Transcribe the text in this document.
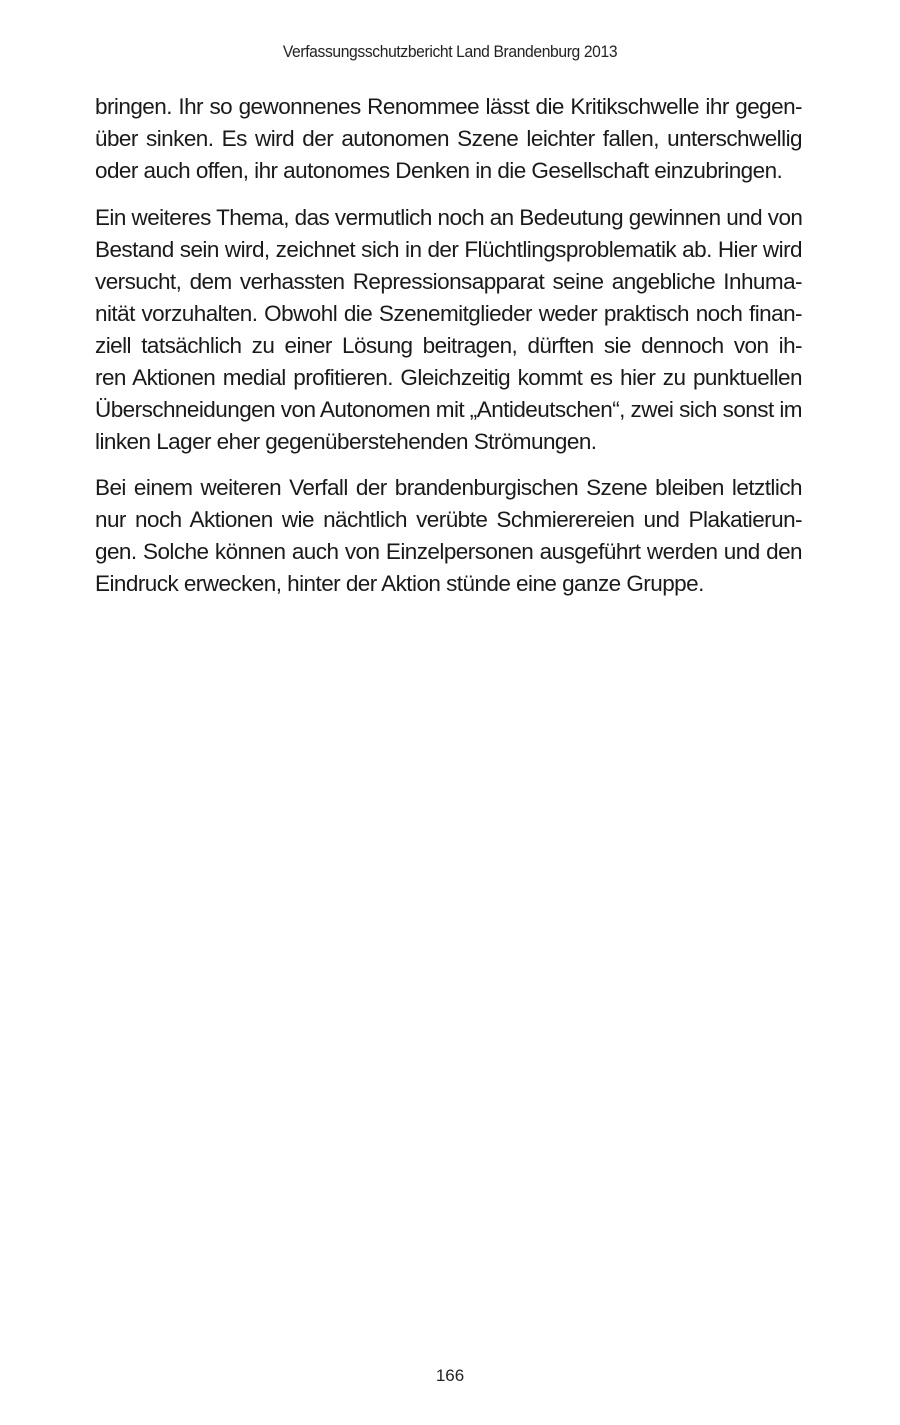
Verfassungsschutzbericht Land Brandenburg 2013

bringen. Ihr so gewonnenes Renommee lässt die Kritikschwelle ihr gegen-
über sinken. Es wird der autonomen Szene leichter fallen, unterschwellig
oder auch offen, ihr autonomes Denken in die Gesellschaft einzubringen.

Ein weiteres Thema, das vermutlich noch an Bedeutung gewinnen und von
Bestand sein wird, zeichnet sich in der Flüchtlingsproblematik ab. Hier wird
versucht, dem verhassten Repressionsapparat seine angebliche Inhuma-
nität vorzuhalten. Obwohl die Szenemitglieder weder praktisch noch finan-
ziell tatsächlich zu einer Lösung beitragen, dürften sie dennoch von ih-
ren Aktionen medial profitieren. Gleichzeitig kommt es hier zu punktuellen
Überschneidungen von Autonomen mit „Antideutschen“, zwei sich sonst im
linken Lager eher gegenüberstehenden Strömungen.

Bei einem weiteren Verfall der brandenburgischen Szene bleiben letztlich
nur noch Aktionen wie nächtlich verübte Schmierereien und Plakatierun-
gen. Solche können auch von Einzelpersonen ausgeführt werden und den
Eindruck erwecken, hinter der Aktion stünde eine ganze Gruppe.

166
